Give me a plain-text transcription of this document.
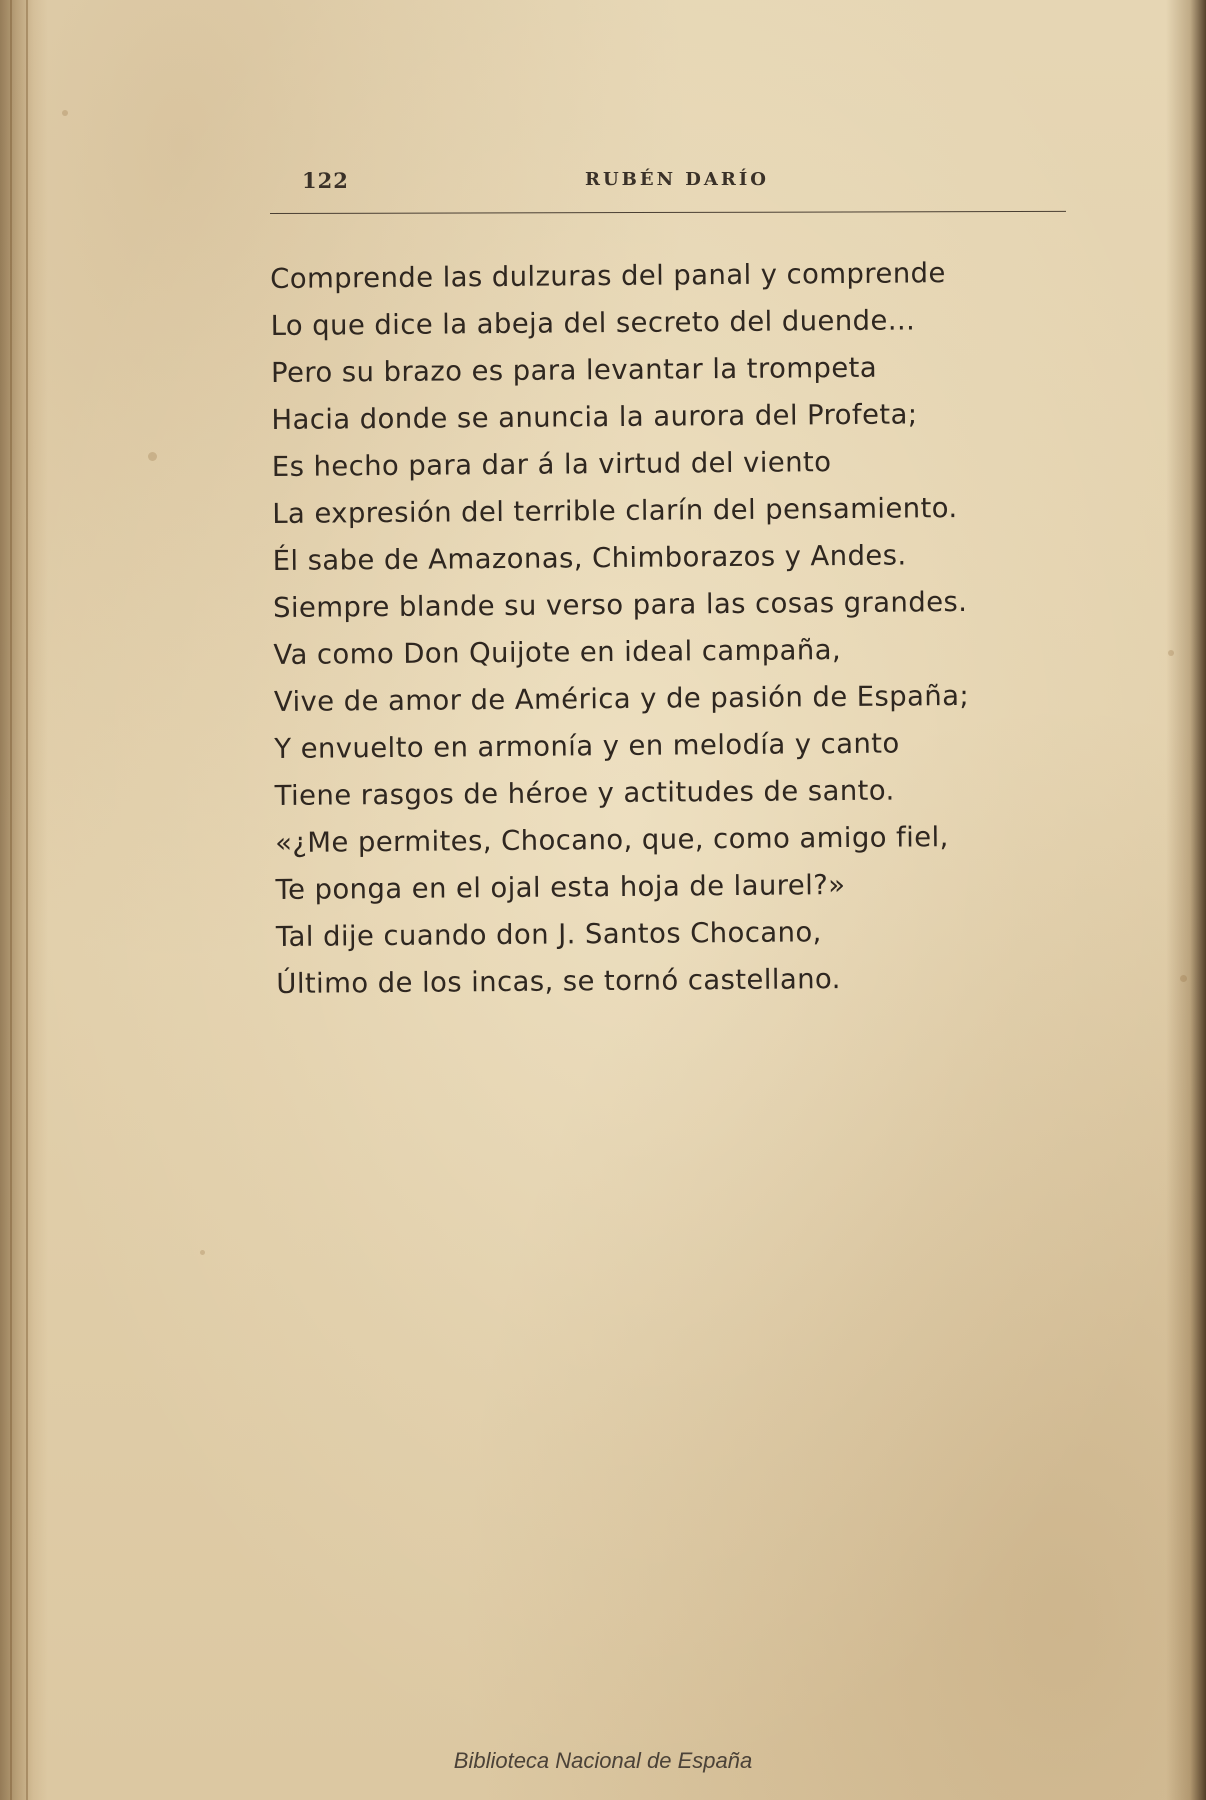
122	RUBÉN DARÍO
Comprende las dulzuras del panal y comprende
Lo que dice la abeja del secreto del duende...
Pero su brazo es para levantar la trompeta
Hacia donde se anuncia la aurora del Profeta;
Es hecho para dar á la virtud del viento
La expresión del terrible clarín del pensamiento.
Él sabe de Amazonas, Chimborazos y Andes.
Siempre blande su verso para las cosas grandes.
Va como Don Quijote en ideal campaña,
Vive de amor de América y de pasión de España;
Y envuelto en armonía y en melodía y canto
Tiene rasgos de héroe y actitudes de santo.
«¿Me permites, Chocano, que, como amigo fiel,
Te ponga en el ojal esta hoja de laurel?»
Tal dije cuando don J. Santos Chocano,
Último de los incas, se tornó castellano.
Biblioteca Nacional de España
